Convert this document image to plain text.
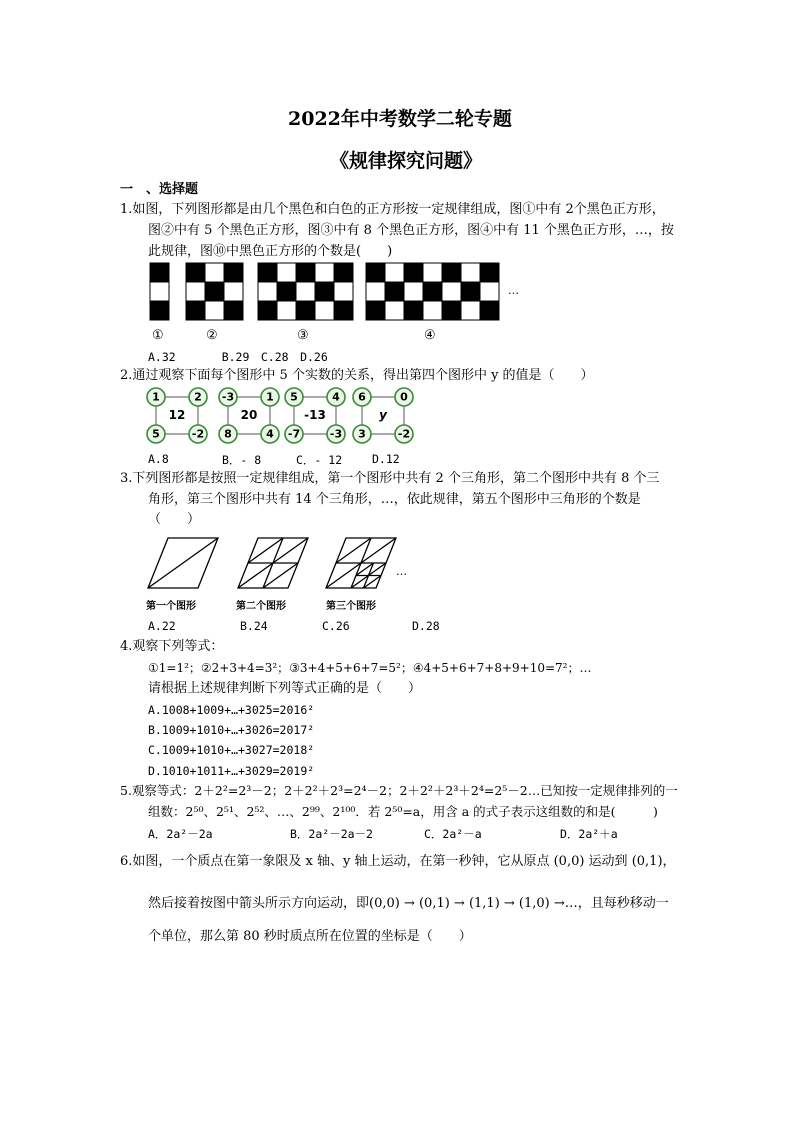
2022年中考数学二轮专题
《规律探究问题》
一　、选择题
1.如图，下列图形都是由几个黑色和白色的正方形按一定规律组成，图①中有 2个黑色正方形，
图②中有 5 个黑色正方形，图③中有 8 个黑色正方形，图④中有 11 个黑色正方形，…，按
此规律，图⑩中黑色正方形的个数是(　　)
…
①	②	③	④
A.32　　　　B.29　C.28　D.26
2.通过观察下面每个图形中 5 个实数的关系，得出第四个图形中 y 的值是（　　）
1	2
12
5	-2
-3	1
20
8	4
5	4
-13
-7	-3
6	0
y
3	-2
A.8	B．- 8	C．- 12	D.12
3.下列图形都是按照一定规律组成，第一个图形中共有 2 个三角形，第二个图形中共有 8 个三
角形，第三个图形中共有 14 个三角形，…，依此规律，第五个图形中三角形的个数是
（　　）
…
第一个图形	第二个图形	第三个图形
A.22	B.24	C.26	D.28
4.观察下列等式：
①1=1²；②2+3+4=3²；③3+4+5+6+7=5²；④4+5+6+7+8+9+10=7²；…
请根据上述规律判断下列等式正确的是（　　）
A.1008+1009+…+3025=2016²
B.1009+1010+…+3026=2017²
C.1009+1010+…+3027=2018²
D.1010+1011+…+3029=2019²
5.观察等式：2＋2²=2³－2；2＋2²＋2³=2⁴－2；2＋2²＋2³＋2⁴=2⁵－2…已知按一定规律排列的一
组数：2⁵⁰、2⁵¹、2⁵²、…、2⁹⁹、2¹⁰⁰．若 2⁵⁰=a，用含 a 的式子表示这组数的和是(　　　)
A．2a²－2a	B．2a²－2a－2	C．2a²－a	D．2a²＋a
6.如图，一个质点在第一象限及 x 轴、y 轴上运动，在第一秒钟，它从原点 (0,0) 运动到 (0,1)，
然后接着按图中箭头所示方向运动，即(0,0) → (0,1) → (1,1) → (1,0) →…，且每秒移动一
个单位，那么第 80 秒时质点所在位置的坐标是（　　）
